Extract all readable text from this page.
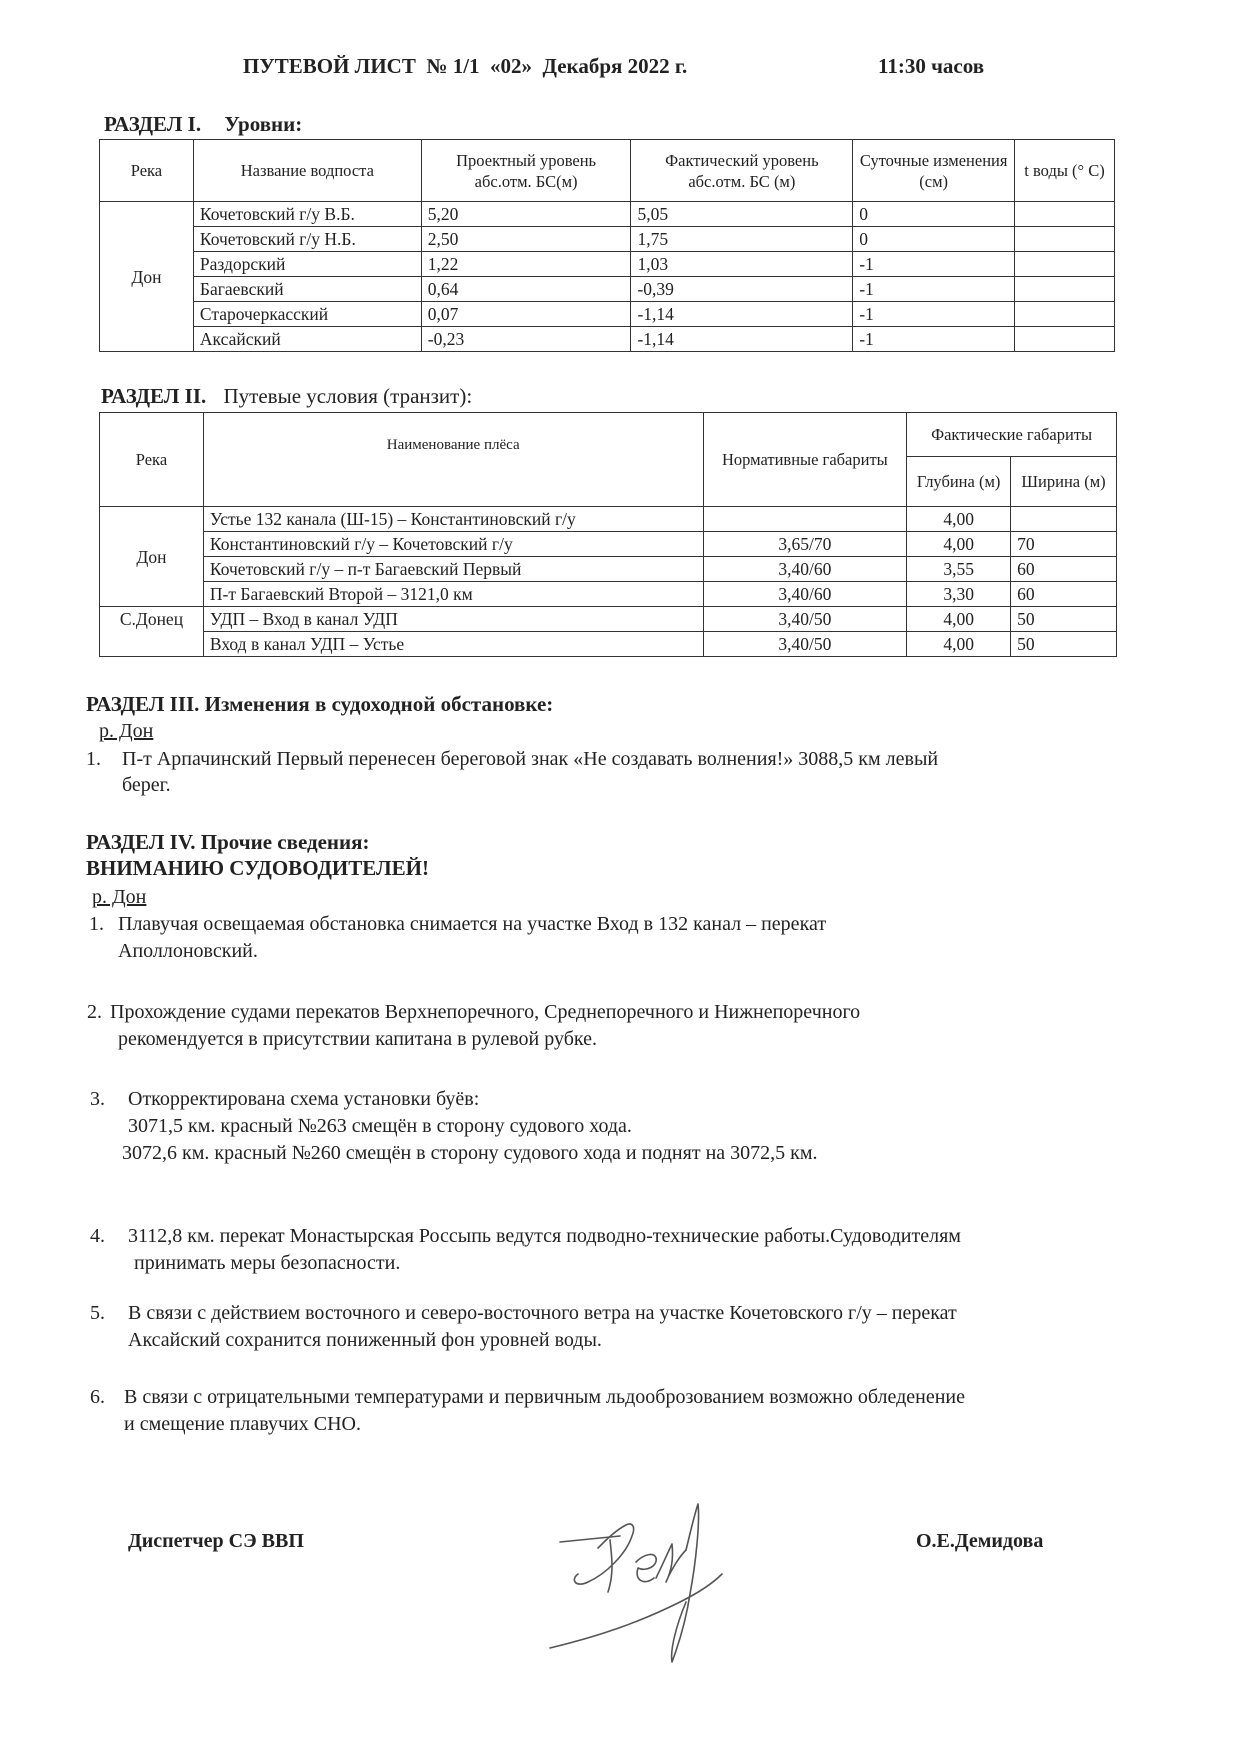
ПУТЕВОЙ ЛИСТ  № 1/1  «02»  Декабря 2022 г.	11:30 часов
РАЗДЕЛ I. Уровни:
Река	Название водпоста	Проектный уровень абс.отм. БС(м)	Фактический уровень абс.отм. БС (м)	Суточные изменения (см)	t воды (° С)
Дон	Кочетовский г/у В.Б.	5,20	5,05	0	
	Кочетовский г/у Н.Б.	2,50	1,75	0	
	Раздорский	1,22	1,03	-1	
	Багаевский	0,64	-0,39	-1	
	Старочеркасский	0,07	-1,14	-1	
	Аксайский	-0,23	-1,14	-1	
РАЗДЕЛ II. Путевые условия (транзит):
Река	Наименование плёса	Нормативные габариты	Фактические габариты	
			Глубина (м)	Ширина (м)
Дон	Устье 132 канала (Ш-15) – Константиновский г/у		4,00	
	Константиновский г/у – Кочетовский г/у	3,65/70	4,00	70
	Кочетовский г/у – п-т Багаевский Первый	3,40/60	3,55	60
	П-т Багаевский Второй – 3121,0 км	3,40/60	3,30	60
С.Донец	УДП – Вход в канал УДП	3,40/50	4,00	50
	Вход в канал УДП – Устье	3,40/50	4,00	50
РАЗДЕЛ III. Изменения в судоходной обстановке:
р. Дон
1. П-т Арпачинский Первый перенесен береговой знак «Не создавать волнения!» 3088,5 км левый
берег.
РАЗДЕЛ IV. Прочие сведения:
ВНИМАНИЮ СУДОВОДИТЕЛЕЙ!
р. Дон
1. Плавучая освещаемая обстановка снимается на участке Вход в 132 канал – перекат
Аполлоновский.
2. Прохождение судами перекатов Верхнепоречного, Среднепоречного и Нижнепоречного
рекомендуется в присутствии капитана в рулевой рубке.
3. Откорректирована схема установки буёв:
3071,5 км. красный №263 смещён в сторону судового хода.
3072,6 км. красный №260 смещён в сторону судового хода и поднят на 3072,5 км.
4. 3112,8 км. перекат Монастырская Россыпь ведутся подводно-технические работы.Судоводителям
принимать меры безопасности.
5. В связи с действием восточного и северо-восточного ветра на участке Кочетовского г/у – перекат
Аксайский сохранится пониженный фон уровней воды.
6. В связи с отрицательными температурами и первичным льдооброзованием возможно обледенение
и смещение плавучих СНО.
Диспетчер СЭ ВВП	О.Е.Демидова
